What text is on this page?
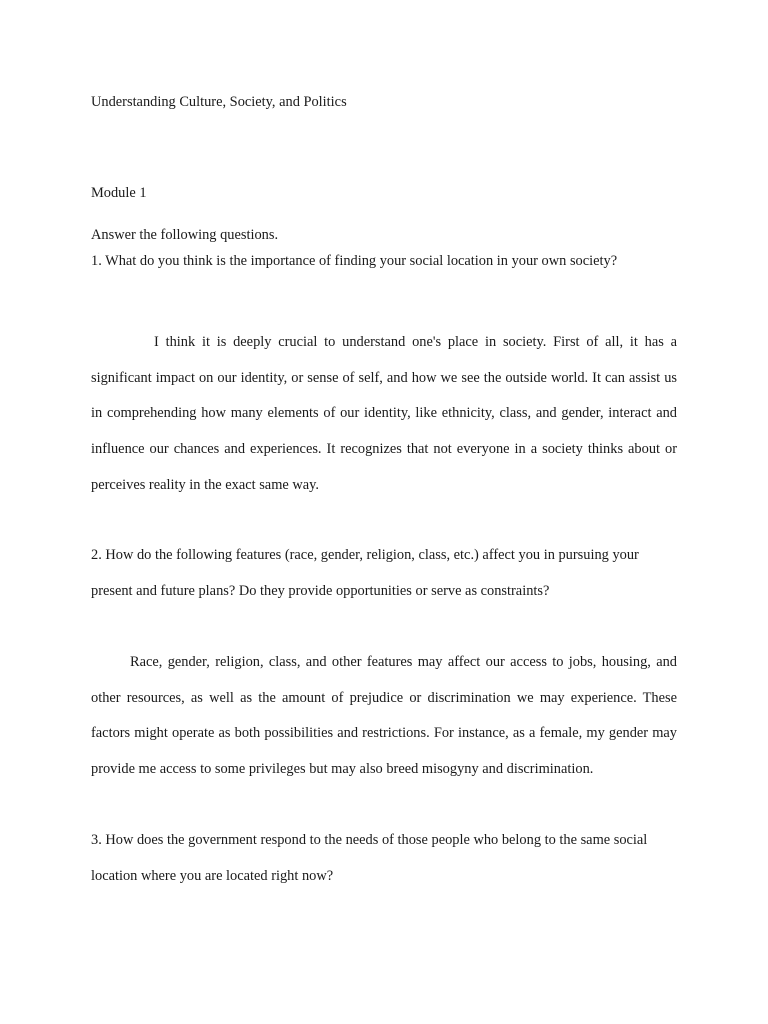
Understanding Culture, Society, and Politics
Module 1
Answer the following questions.

1. What do you think is the importance of finding your social location in your own society?

I think it is deeply crucial to understand one's place in society. First of all, it has a significant impact on our identity, or sense of self, and how we see the outside world. It can assist us in comprehending how many elements of our identity, like ethnicity, class, and gender, interact and influence our chances and experiences. It recognizes that not everyone in a society thinks about or perceives reality in the exact same way.

2. How do the following features (race, gender, religion, class, etc.) affect you in pursuing your present and future plans? Do they provide opportunities or serve as constraints?

Race, gender, religion, class, and other features may affect our access to jobs, housing, and other resources, as well as the amount of prejudice or discrimination we may experience. These factors might operate as both possibilities and restrictions. For instance, as a female, my gender may provide me access to some privileges but may also breed misogyny and discrimination.

3. How does the government respond to the needs of those people who belong to the same social location where you are located right now?
